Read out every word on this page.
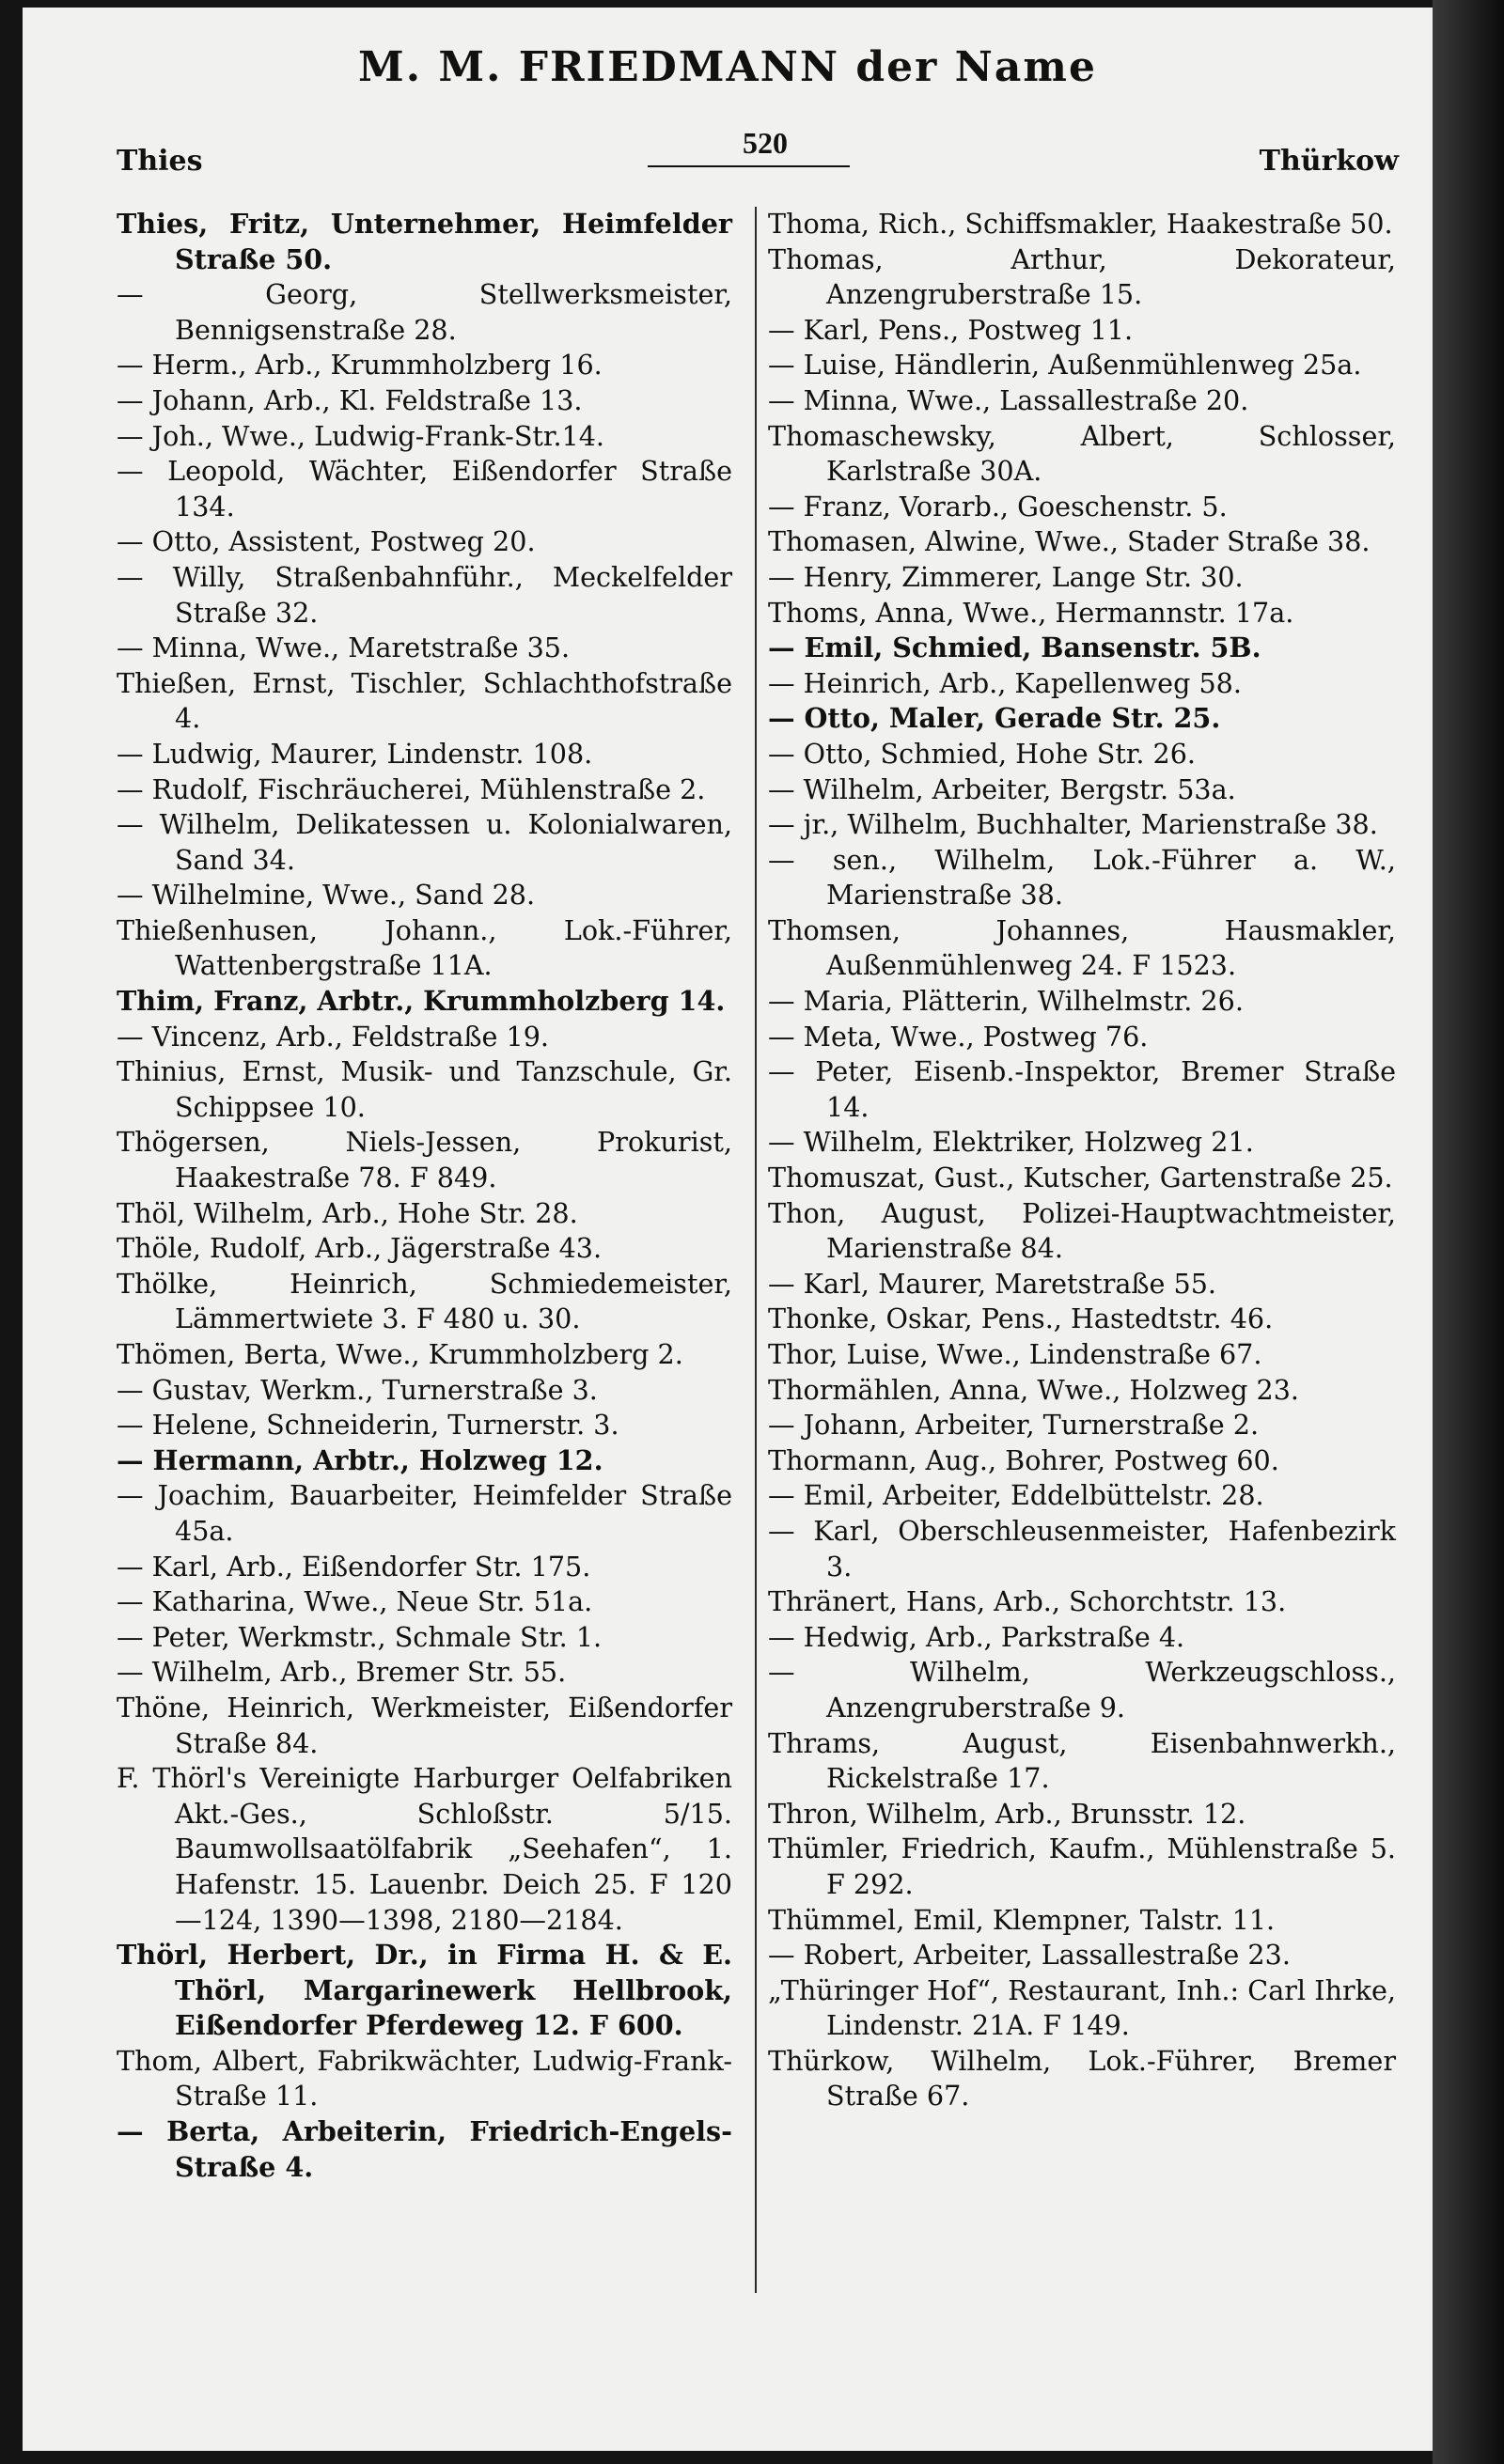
M. M. FRIEDMANN der Name
Thies
520
Thürkow
Thies, Fritz, Unternehmer, Heimfelder Straße 50.
— Georg, Stellwerksmeister, Bennigsenstraße 28.
— Herm., Arb., Krummholzberg 16.
— Johann, Arb., Kl. Feldstraße 13.
— Joh., Wwe., Ludwig-Frank-Str.14.
— Leopold, Wächter, Eißendorfer Straße 134.
— Otto, Assistent, Postweg 20.
— Willy, Straßenbahnführ., Meckelfelder Straße 32.
— Minna, Wwe., Maretstraße 35.
Thießen, Ernst, Tischler, Schlachthofstraße 4.
— Ludwig, Maurer, Lindenstr. 108.
— Rudolf, Fischräucherei, Mühlenstraße 2.
— Wilhelm, Delikatessen u. Kolonialwaren, Sand 34.
— Wilhelmine, Wwe., Sand 28.
Thießenhusen, Johann., Lok.-Führer, Wattenbergstraße 11A.
Thim, Franz, Arbtr., Krummholzberg 14.
— Vincenz, Arb., Feldstraße 19.
Thinius, Ernst, Musik- und Tanzschule, Gr. Schippsee 10.
Thögersen, Niels-Jessen, Prokurist, Haakestraße 78. F 849.
Thöl, Wilhelm, Arb., Hohe Str. 28.
Thöle, Rudolf, Arb., Jägerstraße 43.
Thölke, Heinrich, Schmiedemeister, Lämmertwiete 3. F 480 u. 30.
Thömen, Berta, Wwe., Krummholzberg 2.
— Gustav, Werkm., Turnerstraße 3.
— Helene, Schneiderin, Turnerstr. 3.
— Hermann, Arbtr., Holzweg 12.
— Joachim, Bauarbeiter, Heimfelder Straße 45a.
— Karl, Arb., Eißendorfer Str. 175.
— Katharina, Wwe., Neue Str. 51a.
— Peter, Werkmstr., Schmale Str. 1.
— Wilhelm, Arb., Bremer Str. 55.
Thöne, Heinrich, Werkmeister, Eißendorfer Straße 84.
F. Thörl's Vereinigte Harburger Oelfabriken Akt.-Ges., Schloßstr. 5/15. Baumwollsaatölfabrik „Seehafen“, 1. Hafenstr. 15. Lauenbr. Deich 25. F 120—124, 1390—1398, 2180—2184.
Thörl, Herbert, Dr., in Firma H. & E. Thörl, Margarinewerk Hellbrook, Eißendorfer Pferdeweg 12. F 600.
Thom, Albert, Fabrikwächter, Ludwig-Frank-Straße 11.
— Berta, Arbeiterin, Friedrich-Engels-Straße 4.
Thoma, Rich., Schiffsmakler, Haakestraße 50.
Thomas, Arthur, Dekorateur, Anzengruberstraße 15.
— Karl, Pens., Postweg 11.
— Luise, Händlerin, Außenmühlenweg 25a.
— Minna, Wwe., Lassallestraße 20.
Thomaschewsky, Albert, Schlosser, Karlstraße 30A.
— Franz, Vorarb., Goeschenstr. 5.
Thomasen, Alwine, Wwe., Stader Straße 38.
— Henry, Zimmerer, Lange Str. 30.
Thoms, Anna, Wwe., Hermannstr. 17a.
— Emil, Schmied, Bansenstr. 5B.
— Heinrich, Arb., Kapellenweg 58.
— Otto, Maler, Gerade Str. 25.
— Otto, Schmied, Hohe Str. 26.
— Wilhelm, Arbeiter, Bergstr. 53a.
— jr., Wilhelm, Buchhalter, Marienstraße 38.
— sen., Wilhelm, Lok.-Führer a. W., Marienstraße 38.
Thomsen, Johannes, Hausmakler, Außenmühlenweg 24. F 1523.
— Maria, Plätterin, Wilhelmstr. 26.
— Meta, Wwe., Postweg 76.
— Peter, Eisenb.-Inspektor, Bremer Straße 14.
— Wilhelm, Elektriker, Holzweg 21.
Thomuszat, Gust., Kutscher, Gartenstraße 25.
Thon, August, Polizei-Hauptwachtmeister, Marienstraße 84.
— Karl, Maurer, Maretstraße 55.
Thonke, Oskar, Pens., Hastedtstr. 46.
Thor, Luise, Wwe., Lindenstraße 67.
Thormählen, Anna, Wwe., Holzweg 23.
— Johann, Arbeiter, Turnerstraße 2.
Thormann, Aug., Bohrer, Postweg 60.
— Emil, Arbeiter, Eddelbüttelstr. 28.
— Karl, Oberschleusenmeister, Hafenbezirk 3.
Thränert, Hans, Arb., Schorchtstr. 13.
— Hedwig, Arb., Parkstraße 4.
— Wilhelm, Werkzeugschloss., Anzengruberstraße 9.
Thrams, August, Eisenbahnwerkh., Rickelstraße 17.
Thron, Wilhelm, Arb., Brunsstr. 12.
Thümler, Friedrich, Kaufm., Mühlenstraße 5. F 292.
Thümmel, Emil, Klempner, Talstr. 11.
— Robert, Arbeiter, Lassallestraße 23.
„Thüringer Hof“, Restaurant, Inh.: Carl Ihrke, Lindenstr. 21A. F 149.
Thürkow, Wilhelm, Lok.-Führer, Bremer Straße 67.
